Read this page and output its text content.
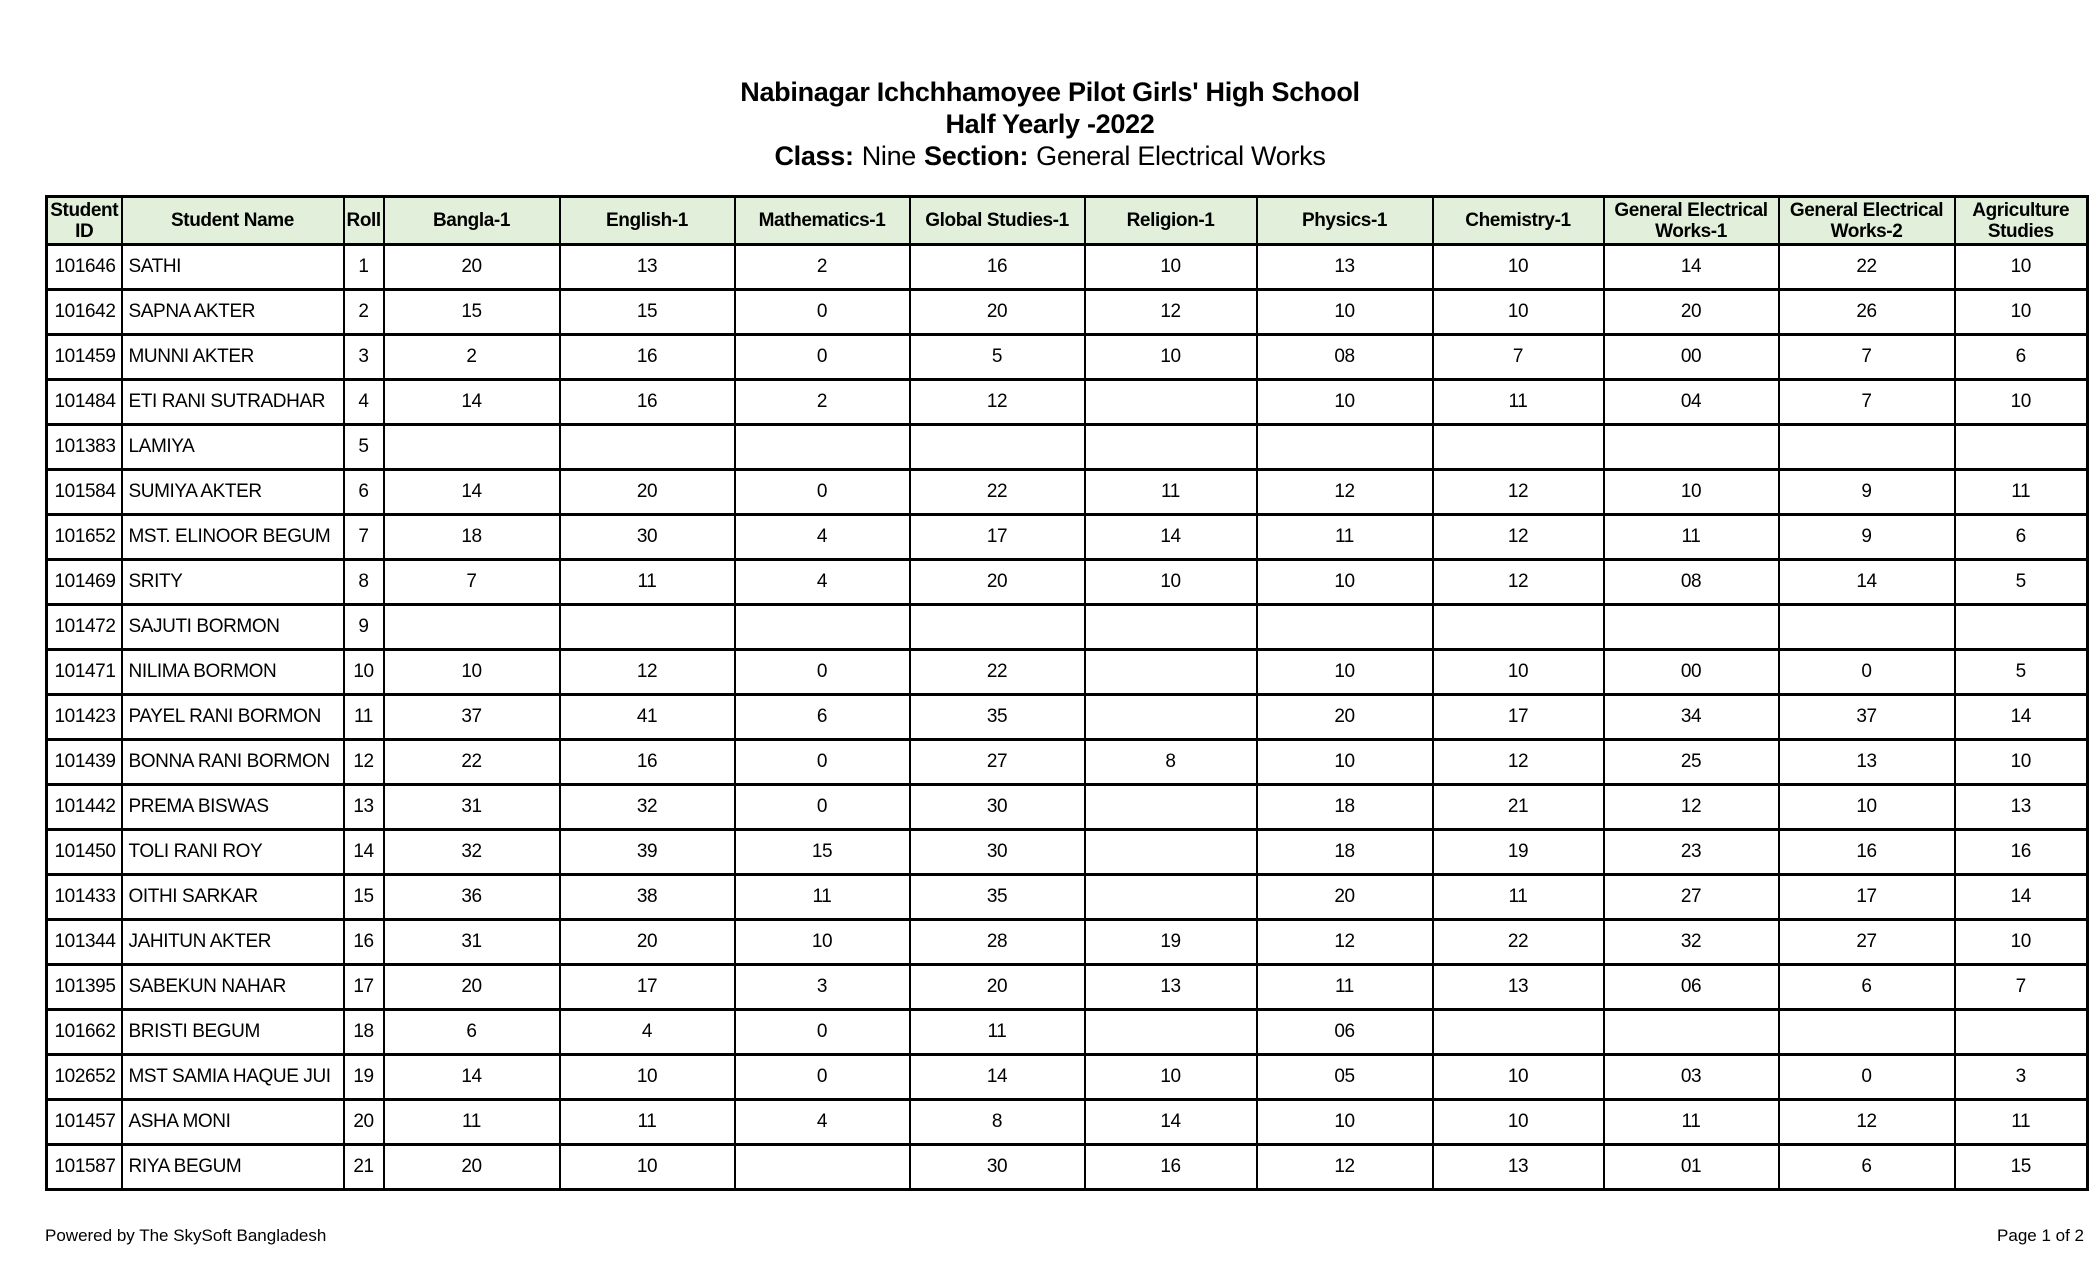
Nabinagar Ichchhamoyee Pilot Girls' High School
Half Yearly -2022
Class: Nine Section: General Electrical Works
Student ID	Student Name	Roll	Bangla-1	English-1	Mathematics-1	Global Studies-1	Religion-1	Physics-1	Chemistry-1	General Electrical Works-1	General Electrical Works-2	Agriculture Studies
101646	SATHI	1	20	13	2	16	10	13	10	14	22	10
101642	SAPNA AKTER	2	15	15	0	20	12	10	10	20	26	10
101459	MUNNI AKTER	3	2	16	0	5	10	08	7	00	7	6
101484	ETI RANI SUTRADHAR	4	14	16	2	12		10	11	04	7	10
101383	LAMIYA	5										
101584	SUMIYA AKTER	6	14	20	0	22	11	12	12	10	9	11
101652	MST. ELINOOR BEGUM	7	18	30	4	17	14	11	12	11	9	6
101469	SRITY	8	7	11	4	20	10	10	12	08	14	5
101472	SAJUTI BORMON	9										
101471	NILIMA BORMON	10	10	12	0	22		10	10	00	0	5
101423	PAYEL RANI BORMON	11	37	41	6	35		20	17	34	37	14
101439	BONNA RANI BORMON	12	22	16	0	27	8	10	12	25	13	10
101442	PREMA BISWAS	13	31	32	0	30		18	21	12	10	13
101450	TOLI RANI ROY	14	32	39	15	30		18	19	23	16	16
101433	OITHI SARKAR	15	36	38	11	35		20	11	27	17	14
101344	JAHITUN AKTER	16	31	20	10	28	19	12	22	32	27	10
101395	SABEKUN NAHAR	17	20	17	3	20	13	11	13	06	6	7
101662	BRISTI BEGUM	18	6	4	0	11		06				
102652	MST SAMIA HAQUE JUI	19	14	10	0	14	10	05	10	03	0	3
101457	ASHA MONI	20	11	11	4	8	14	10	10	11	12	11
101587	RIYA BEGUM	21	20	10		30	16	12	13	01	6	15
Powered by The SkySoft Bangladesh	Page 1 of 2
